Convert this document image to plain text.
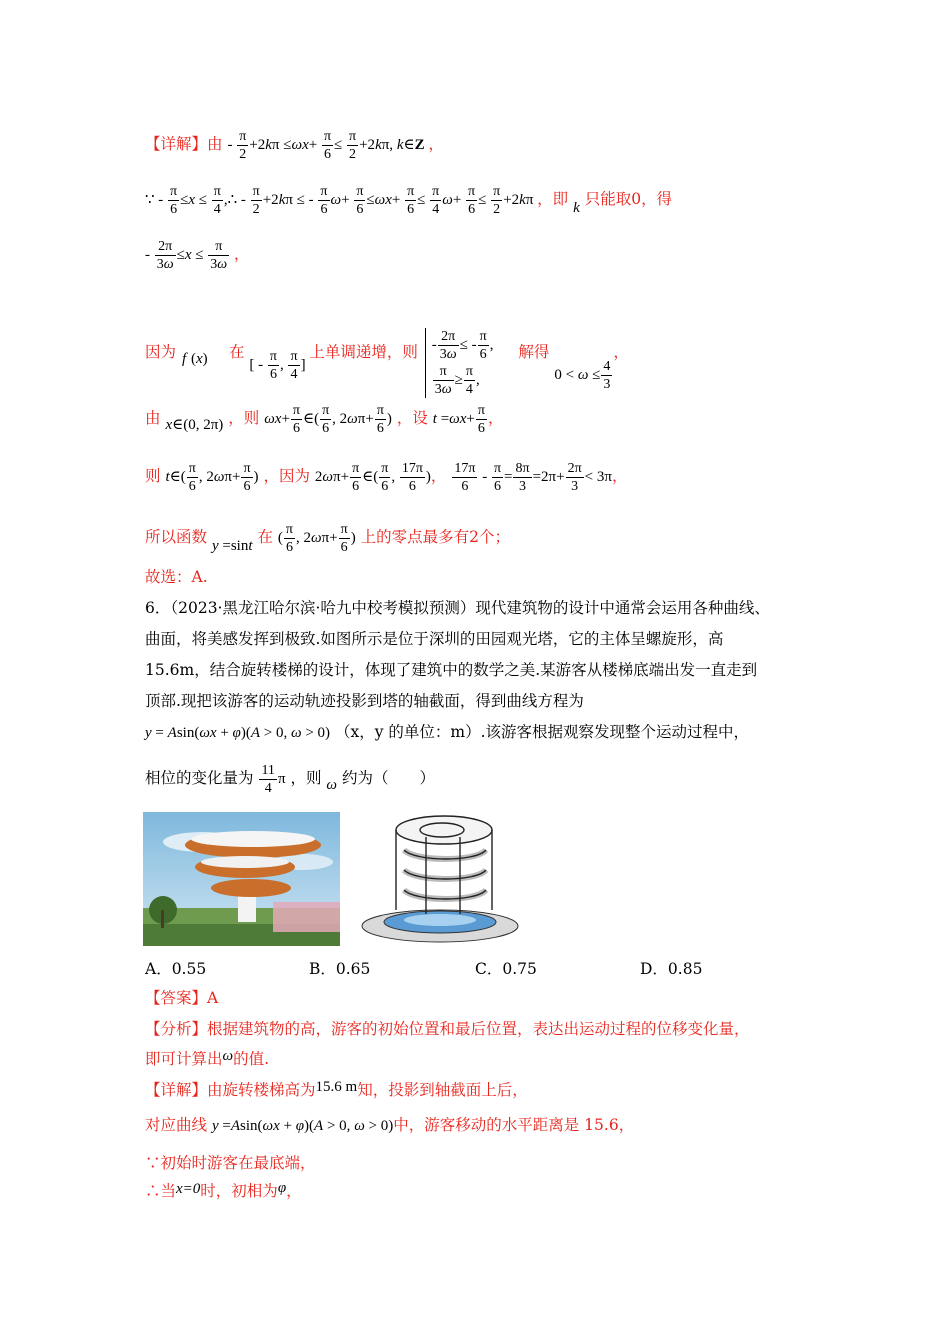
【详解】由 - $\frac{\pi}{2} +2k\pi \le\omega x+ \frac{\pi}{6} \le \frac{\pi}{2} +2k\pi$, k∈Z ，
∵ - $\frac{\pi}{6} \le x \le \frac{\pi}{4}$ ,∴ - $\frac{\pi}{2} +2k\pi$ ≤ - $\frac{\pi}{6} \omega+ \frac{\pi}{6} \le\omega x+ \frac{\pi}{6} \le \frac{\pi}{4} \omega+ \frac{\pi}{6} \le \frac{\pi}{2} +2k\pi$ ，即 k 只能取0，得
- $\frac{2\pi}{3\omega} \le x \le \frac{\pi}{3\omega}$ ，
因为 f (x) 在 [ - $\frac{\pi}{6}$ , $\frac{\pi}{4}$ ] 上单调递增，则 - $\frac{2\pi}{3\omega}$ ≤ - $\frac{\pi}{6}$ ,
$\frac{\pi}{3\omega} \ge \frac{\pi}{4}$ ,
解得 $0 < \omega \le \frac{4}{3}$
，
由 x∈(0, 2π) ，则 $\omega x+ \frac{\pi}{6}$ ∈( $\frac{\pi}{6}$ , $2\omega\pi+ \frac{\pi}{6}$ ) ，设 $t =\omega x+ \frac{\pi}{6}$ ，
则 t∈( $\frac{\pi}{6}$ , $2\omega\pi+ \frac{\pi}{6}$ ) ，因为 $2\omega\pi+ \frac{\pi}{6}$ ∈( $\frac{\pi}{6}$ , $\frac{17\pi}{6}$ )， $\frac{17\pi}{6} - \frac{\pi}{6} = \frac{8\pi}{3} =2\pi+ \frac{2\pi}{3} < 3\pi$，
所以函数 y =sint 在 ( $\frac{\pi}{6}$ , $2\omega\pi+ \frac{\pi}{6}$ ) 上的零点最多有2个；
故选：A.
6．（2023·黑龙江哈尔滨·哈九中校考模拟预测）现代建筑物的设计中通常会运用各种曲线、
曲面，将美感发挥到极致.如图所示是位于深圳的田园观光塔，它的主体呈螺旋形，高
15.6m，结合旋转楼梯的设计，体现了建筑中的数学之美.某游客从楼梯底端出发一直走到
顶部.现把该游客的运动轨迹投影到塔的轴截面，得到曲线方程为
y = Asin(ωx + φ)(A > 0, ω > 0) （x，y 的单位：m）.该游客根据观察发现整个运动过程中，
相位的变化量为 $\frac{11}{4}$ π ，则 ω 约为（　　）
A．0.55	B．0.65	C．0.75	D．0.85
【答案】A
【分析】根据建筑物的高，游客的初始位置和最后位置，表达出运动过程的位移变化量，
即可计算出ω的值.
【详解】由旋转楼梯高为15.6 m知，投影到轴截面上后，
对应曲线 y =Asin(ωx + φ)(A > 0, ω > 0)中，游客移动的水平距离是 15.6，
∵初始时游客在最底端，
∴当x=0时，初相为φ，
